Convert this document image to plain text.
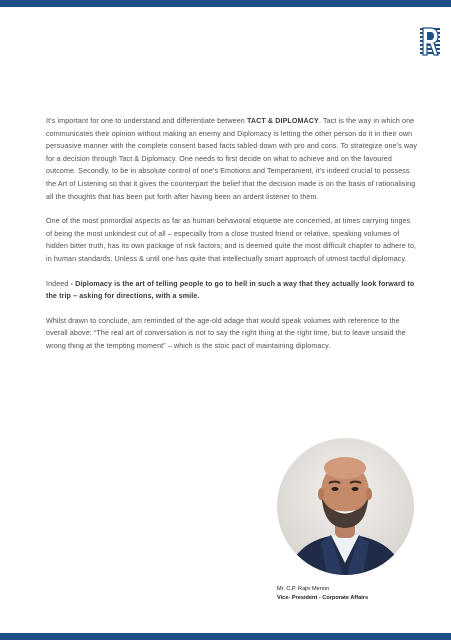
It’s important for one to understand and differentiate between TACT & DIPLOMACY. Tact is the way in which one communicates their opinion without making an enemy and Diplomacy is letting the other person do it in their own persuasive manner with the complete consent based facts tabled down with pro and cons. To strategize one’s way for a decision through Tact & Diplomacy. One needs to first decide on what to achieve and on the favoured outcome. Secondly, to be in absolute control of one’s Emotions and Temperament, it’s indeed crucial to possess the Art of Listening so that it gives the counterpart the belief that the decision made is on the basis of rationalising all the thoughts that has been put forth after having been an ardent listener to them.

One of the most primordial aspects as far as human behavioral etiquette are concerned, at times carrying tinges of being the most unkindest cut of all – especially from a close trusted friend or relative, speaking volumes of hidden bitter truth, has its own package of risk factors; and is deemed quite the most difficult chapter to adhere to, in human standards. Unless & until one has quite that intellectually smart approach of utmost tactful diplomacy.

Indeed - Diplomacy is the art of telling people to go to hell in such a way that they actually look forward to the trip – asking for directions, with a smile.

Whilst drawn to conclude, am reminded of the age-old adage that would speak volumes with reference to the overall above: “The real art of conversation is not to say the right thing at the right time, but to leave unsaid the wrong thing at the tempting moment” – which is the stoic pact of maintaining diplomacy.

Mr. C.P. Rajiv Menon
Vice- President - Corporate Affairs
